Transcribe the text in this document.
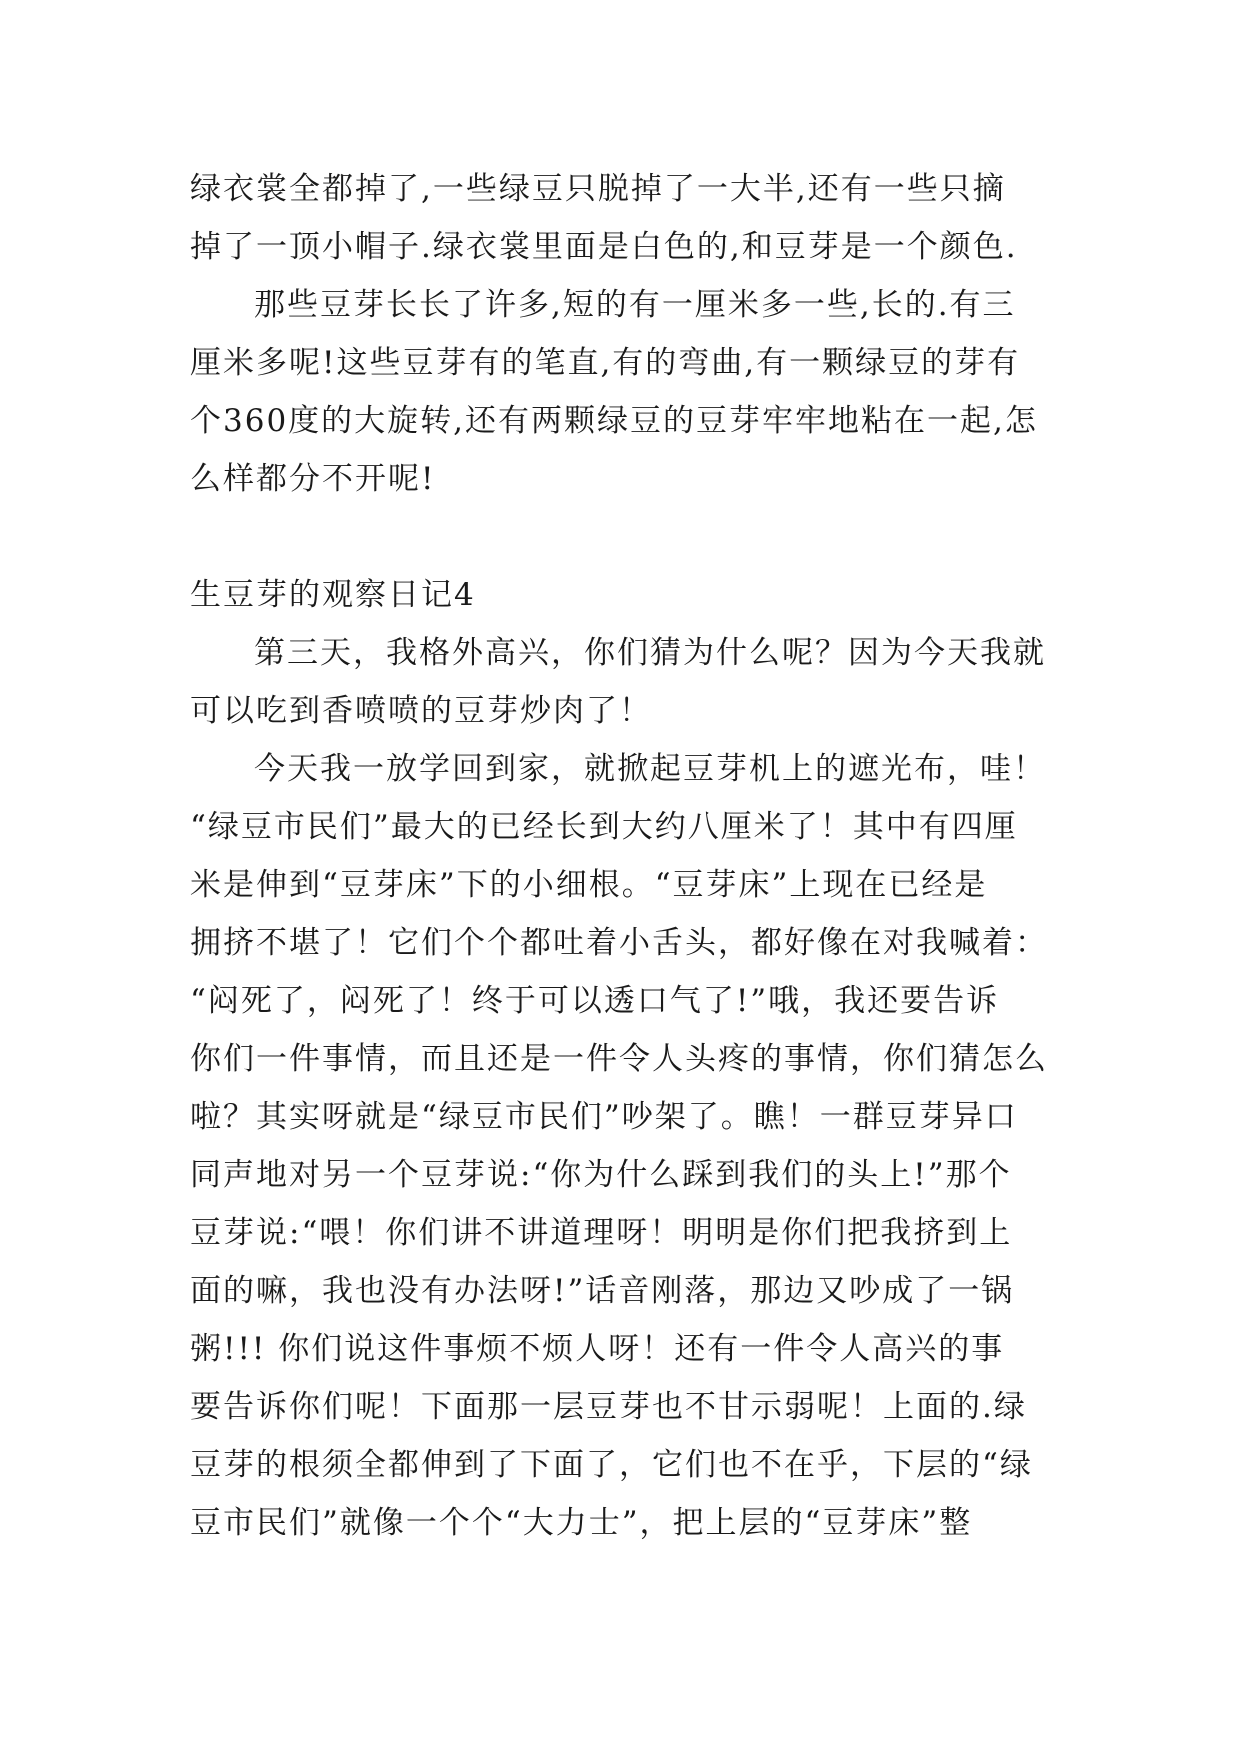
绿衣裳全都掉了,一些绿豆只脱掉了一大半,还有一些只摘
掉了一顶小帽子.绿衣裳里面是白色的,和豆芽是一个颜色.
那些豆芽长长了许多,短的有一厘米多一些,长的.有三
厘米多呢!这些豆芽有的笔直,有的弯曲,有一颗绿豆的芽有
个360度的大旋转,还有两颗绿豆的豆芽牢牢地粘在一起,怎
么样都分不开呢!
生豆芽的观察日记4
第三天，我格外高兴，你们猜为什么呢？因为今天我就
可以吃到香喷喷的豆芽炒肉了！
今天我一放学回到家，就掀起豆芽机上的遮光布，哇！
“绿豆市民们”最大的已经长到大约八厘米了！其中有四厘
米是伸到“豆芽床”下的小细根。“豆芽床”上现在已经是
拥挤不堪了！它们个个都吐着小舌头，都好像在对我喊着：
“闷死了，闷死了！终于可以透口气了!”哦，我还要告诉
你们一件事情，而且还是一件令人头疼的事情，你们猜怎么
啦？其实呀就是“绿豆市民们”吵架了。瞧！一群豆芽异口
同声地对另一个豆芽说:“你为什么踩到我们的头上!”那个
豆芽说:“喂！你们讲不讲道理呀！明明是你们把我挤到上
面的嘛，我也没有办法呀!”话音刚落，那边又吵成了一锅
粥!!! 你们说这件事烦不烦人呀！还有一件令人高兴的事
要告诉你们呢！下面那一层豆芽也不甘示弱呢！上面的.绿
豆芽的根须全都伸到了下面了，它们也不在乎，下层的“绿
豆市民们”就像一个个“大力士”，把上层的“豆芽床”整
